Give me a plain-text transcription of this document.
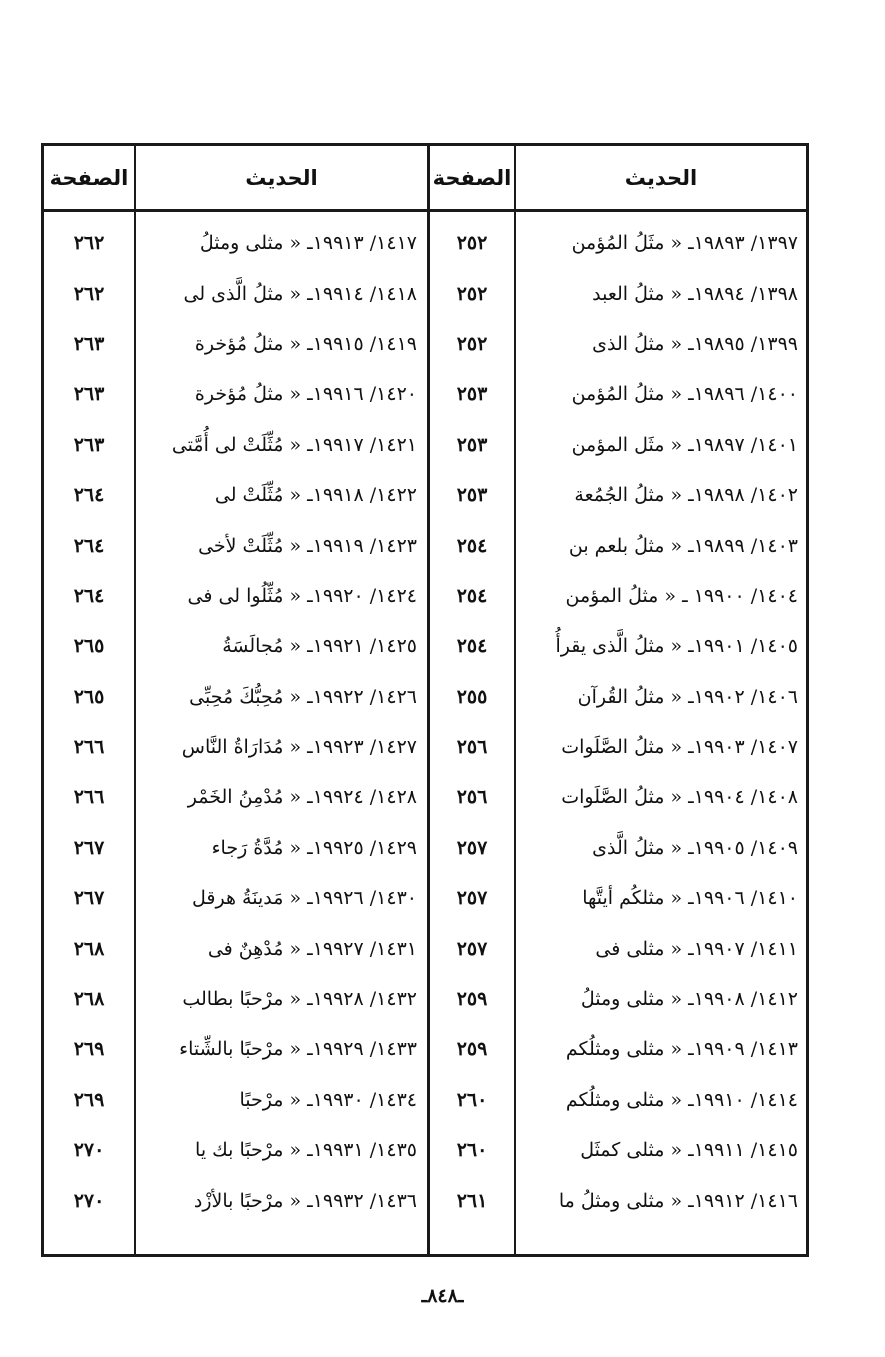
الصفحة	الحديث	الصفحة	الحديث
٢٦٢	١٤١٧/ ١٩٩١٣ـ « مثلى ومثلُ	٢٥٢	١٣٩٧/ ١٩٨٩٣ـ « مثَلُ المُؤمن
٢٦٢	١٤١٨/ ١٩٩١٤ـ « مثلُ الَّذى لى	٢٥٢	١٣٩٨/ ١٩٨٩٤ـ « مثلُ العبد
٢٦٣	١٤١٩/ ١٩٩١٥ـ « مثلُ مُؤخرة	٢٥٢	١٣٩٩/ ١٩٨٩٥ـ « مثلُ الذى
٢٦٣	١٤٢٠/ ١٩٩١٦ـ « مثلُ مُؤخرة	٢٥٣	١٤٠٠/ ١٩٨٩٦ـ « مثلُ المُؤمن
٢٦٣	١٤٢١/ ١٩٩١٧ـ « مُثِّلَتْ لى أُمَّتى	٢٥٣	١٤٠١/ ١٩٨٩٧ـ « مثَل المؤمن
٢٦٤	١٤٢٢/ ١٩٩١٨ـ « مُثِّلَتْ لى	٢٥٣	١٤٠٢/ ١٩٨٩٨ـ « مثلُ الجُمُعة
٢٦٤	١٤٢٣/ ١٩٩١٩ـ « مُثِّلَتْ لأخى	٢٥٤	١٤٠٣/ ١٩٨٩٩ـ « مثلُ بلعم بن
٢٦٤	١٤٢٤/ ١٩٩٢٠ـ « مُثِّلُوا لى فى	٢٥٤	١٤٠٤/ ١٩٩٠٠ ـ « مثلُ المؤمن
٢٦٥	١٤٢٥/ ١٩٩٢١ـ « مُجالَسَةُ	٢٥٤	١٤٠٥/ ١٩٩٠١ـ « مثلُ الَّذى يقرأُ
٢٦٥	١٤٢٦/ ١٩٩٢٢ـ « مُحِبُّكَ مُحِبِّى	٢٥٥	١٤٠٦/ ١٩٩٠٢ـ « مثلُ القُرآن
٢٦٦	١٤٢٧/ ١٩٩٢٣ـ « مُدَارَاةُ النَّاس	٢٥٦	١٤٠٧/ ١٩٩٠٣ـ « مثلُ الصَّلَوات
٢٦٦	١٤٢٨/ ١٩٩٢٤ـ « مُدْمِنُ الخَمْر	٢٥٦	١٤٠٨/ ١٩٩٠٤ـ « مثلُ الصَّلَوات
٢٦٧	١٤٢٩/ ١٩٩٢٥ـ « مُدَّةُ رَجاء	٢٥٧	١٤٠٩/ ١٩٩٠٥ـ « مثلُ الَّذى
٢٦٧	١٤٣٠/ ١٩٩٢٦ـ « مَدينَةُ هرقل	٢٥٧	١٤١٠/ ١٩٩٠٦ـ « مثلكُم أيتَّها
٢٦٨	١٤٣١/ ١٩٩٢٧ـ « مُدْهِنٌ فى	٢٥٧	١٤١١/ ١٩٩٠٧ـ « مثلى فى
٢٦٨	١٤٣٢/ ١٩٩٢٨ـ « مرْحبًا بطالب	٢٥٩	١٤١٢/ ١٩٩٠٨ـ « مثلى ومثلُ
٢٦٩	١٤٣٣/ ١٩٩٢٩ـ « مرْحبًا بالشِّتاء	٢٥٩	١٤١٣/ ١٩٩٠٩ـ « مثلى ومثلُكم
٢٦٩	١٤٣٤/ ١٩٩٣٠ـ « مرْحبًا	٢٦٠	١٤١٤/ ١٩٩١٠ـ « مثلى ومثلُكم
٢٧٠	١٤٣٥/ ١٩٩٣١ـ « مرْحبًا بك يا	٢٦٠	١٤١٥/ ١٩٩١١ـ « مثلى كمثَل
٢٧٠	١٤٣٦/ ١٩٩٣٢ـ « مرْحبًا بالأزْد	٢٦١	١٤١٦/ ١٩٩١٢ـ « مثلى ومثلُ ما
ـ٨٤٨ـ
